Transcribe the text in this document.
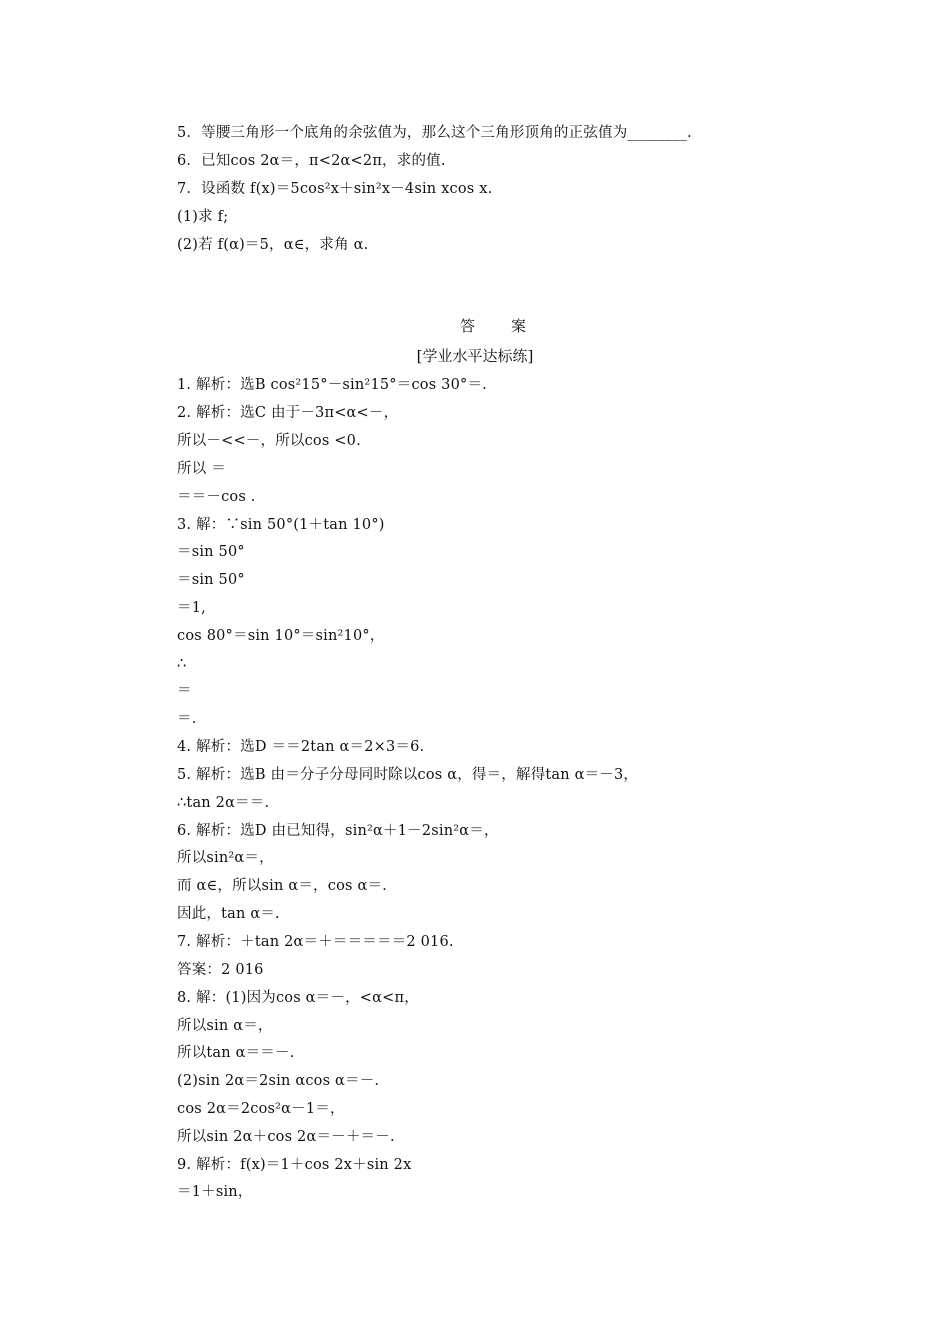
5．等腰三角形一个底角的余弦值为，那么这个三角形顶角的正弦值为________.
6．已知cos 2α＝，π<2α<2π，求的值.
7．设函数 f(x)＝5cos²x＋sin²x－4sin xcos x.
(1)求 f;
(2)若 f(α)＝5，α∈，求角 α.
答案
[学业水平达标练]
1. 解析：选B cos²15°－sin²15°＝cos 30°＝.
2. 解析：选C 由于－3π<α<－，
所以－<<－，所以cos <0.
所以 ＝
＝＝－cos .
3. 解：∵sin 50°(1＋tan 10°)
＝sin 50°
＝sin 50°
＝1,
cos 80°＝sin 10°＝sin²10°，
∴
＝
＝.
4. 解析：选D ＝＝2tan α＝2×3＝6.
5. 解析：选B 由＝分子分母同时除以cos α，得＝，解得tan α＝－3，
∴tan 2α＝＝.
6. 解析：选D 由已知得，sin²α＋1－2sin²α＝，
所以sin²α＝，
而 α∈，所以sin α＝，cos α＝.
因此，tan α＝.
7. 解析：＋tan 2α＝＋＝＝＝＝＝2 016.
答案：2 016
8. 解：(1)因为cos α＝－，<α<π，
所以sin α＝，
所以tan α＝＝－.
(2)sin 2α＝2sin αcos α＝－.
cos 2α＝2cos²α－1＝，
所以sin 2α＋cos 2α＝－＋＝－.
9. 解析：f(x)＝1＋cos 2x＋sin 2x
＝1＋sin，
